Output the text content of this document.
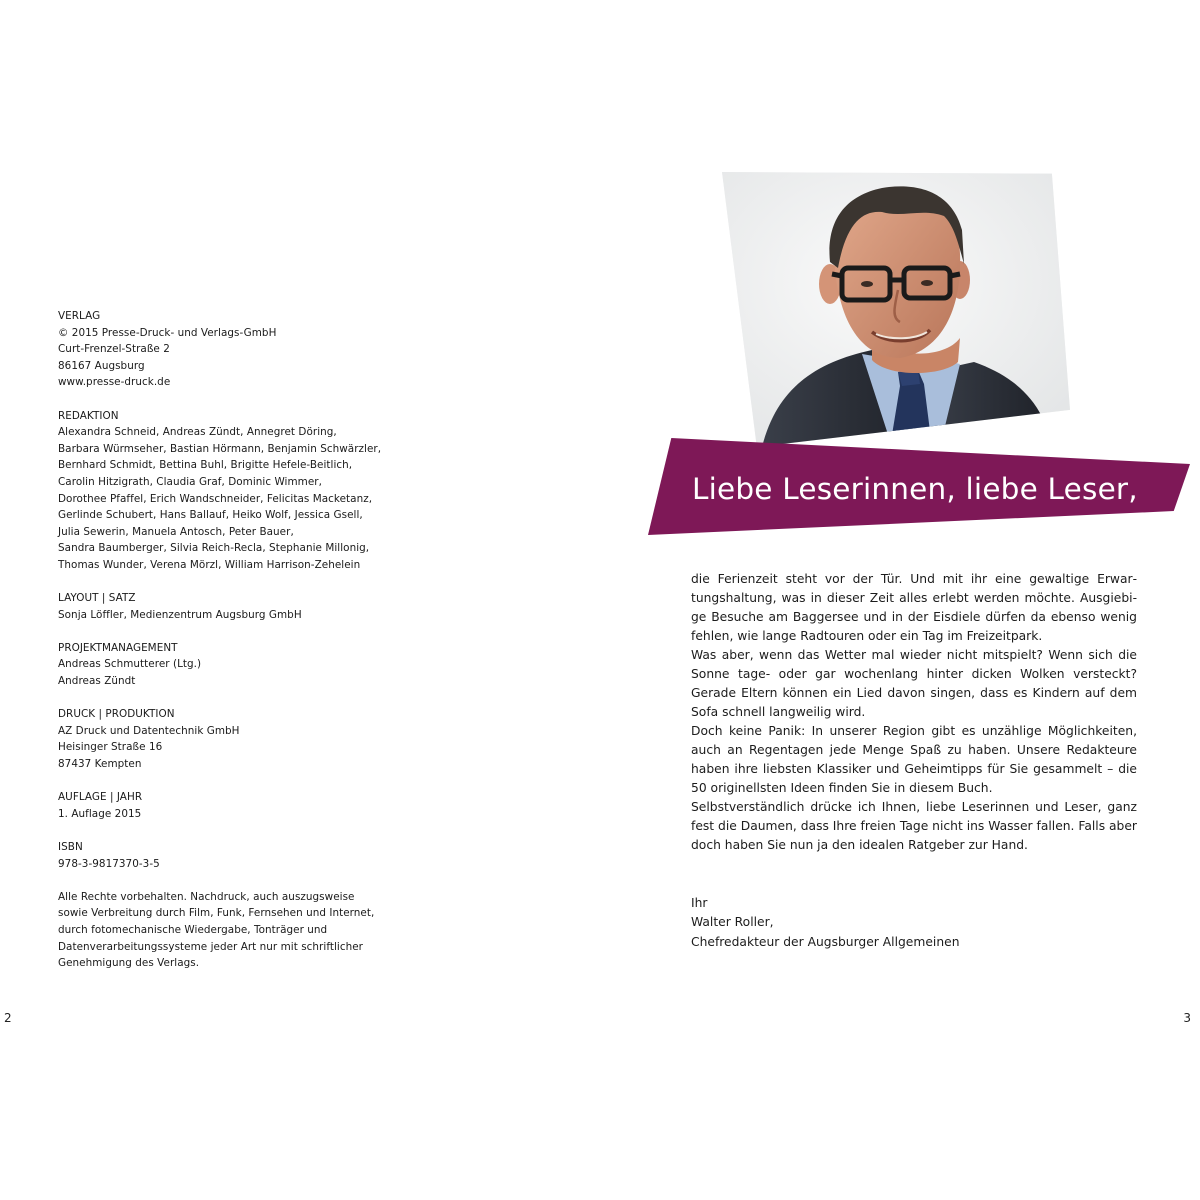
VERLAG
© 2015 Presse-Druck- und Verlags-GmbH
Curt-Frenzel-Straße 2
86167 Augsburg
www.presse-druck.de
REDAKTION
Alexandra Schneid, Andreas Zündt, Annegret Döring,
Barbara Würmseher, Bastian Hörmann, Benjamin Schwärzler,
Bernhard Schmidt, Bettina Buhl, Brigitte Hefele-Beitlich,
Carolin Hitzigrath, Claudia Graf, Dominic Wimmer,
Dorothee Pfaffel, Erich Wandschneider, Felicitas Macketanz,
Gerlinde Schubert, Hans Ballauf, Heiko Wolf, Jessica Gsell,
Julia Sewerin, Manuela Antosch, Peter Bauer,
Sandra Baumberger, Silvia Reich-Recla, Stephanie Millonig,
Thomas Wunder, Verena Mörzl, William Harrison-Zehelein
LAYOUT | SATZ
Sonja Löffler, Medienzentrum Augsburg GmbH
PROJEKTMANAGEMENT
Andreas Schmutterer (Ltg.)
Andreas Zündt
DRUCK | PRODUKTION
AZ Druck und Datentechnik GmbH
Heisinger Straße 16
87437 Kempten
AUFLAGE | JAHR
1. Auflage 2015
ISBN
978-3-9817370-3-5
Alle Rechte vorbehalten. Nachdruck, auch auszugsweise
sowie Verbreitung durch Film, Funk, Fernsehen und Internet,
durch fotomechanische Wiedergabe, Tonträger und
Datenverarbeitungssysteme jeder Art nur mit schriftlicher
Genehmigung des Verlags.
2
Liebe Leserinnen, liebe Leser,

die Ferienzeit steht vor der Tür. Und mit ihr eine gewaltige Erwartungshaltung, was in dieser Zeit alles erlebt werden möchte. Ausgiebige Besuche am Baggersee und in der Eisdiele dürfen da ebenso wenig fehlen, wie lange Radtouren oder ein Tag im Freizeitpark.

Was aber, wenn das Wetter mal wieder nicht mitspielt? Wenn sich die Sonne tage- oder gar wochenlang hinter dicken Wolken versteckt? Gerade Eltern können ein Lied davon singen, dass es Kindern auf dem Sofa schnell langweilig wird.

Doch keine Panik: In unserer Region gibt es unzählige Möglichkeiten, auch an Regentagen jede Menge Spaß zu haben. Unsere Redakteure haben ihre liebsten Klassiker und Geheimtipps für Sie gesammelt – die 50 originellsten Ideen finden Sie in diesem Buch.

Selbstverständlich drücke ich Ihnen, liebe Leserinnen und Leser, ganz fest die Daumen, dass Ihre freien Tage nicht ins Wasser fallen. Falls aber doch haben Sie nun ja den idealen Ratgeber zur Hand.

Ihr
Walter Roller,
Chefredakteur der Augsburger Allgemeinen
3
